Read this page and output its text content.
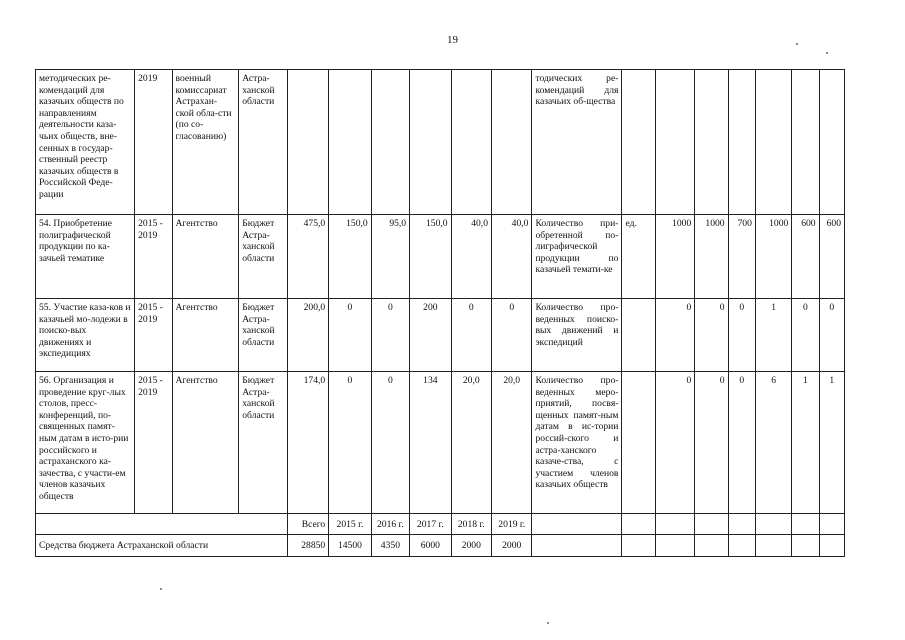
19
методических ре-комендаций для казачьих обществ по направлениям деятельности каза-чьих обществ, вне-сенных в государ-ственный реестр казачьих обществ в Российской Феде-рации	2019	военный комиссариат Астрахан-ской обла-сти (по со-гласованию)	Астра-ханской области							тодических ре-комендаций для казачьих об-щества							
54. Приобретение полиграфической продукции по ка-зачьей тематике	2015 - 2019	Агентство	Бюджет Астра-ханской области	475,0	150,0	95,0	150,0	40,0	40,0	Количество при-обретенной по-лиграфической продукции по казачьей темати-ке	ед.	1000	1000	700	1000	600	600
55. Участие каза-ков и казачьей мо-лодежи в поиско-вых движениях и экспедициях	2015 - 2019	Агентство	Бюджет Астра-ханской области	200,0	0	0	200	0	0	Количество про-веденных поиско-вых движений и экспедиций		0	0	0	1	0	0
56. Организация и проведение круг-лых столов, пресс-конференций, по-священных памят-ным датам в исто-рии российского и астраханского ка-зачества, с участи-ем членов казачьих обществ	2015 - 2019	Агентство	Бюджет Астра-ханской области	174,0	0	0	134	20,0	20,0	Количество про-веденных меро-приятий, посвя-щенных памят-ным датам в ис-тории россий-ского и астра-ханского казаче-ства, с участием членов казачьих обществ		0	0	0	6	1	1
				Всего	2015 г.	2016 г.	2017 г.	2018 г.	2019 г.								
Средства бюджета Астраханской области				28850	14500	4350	6000	2000	2000								
